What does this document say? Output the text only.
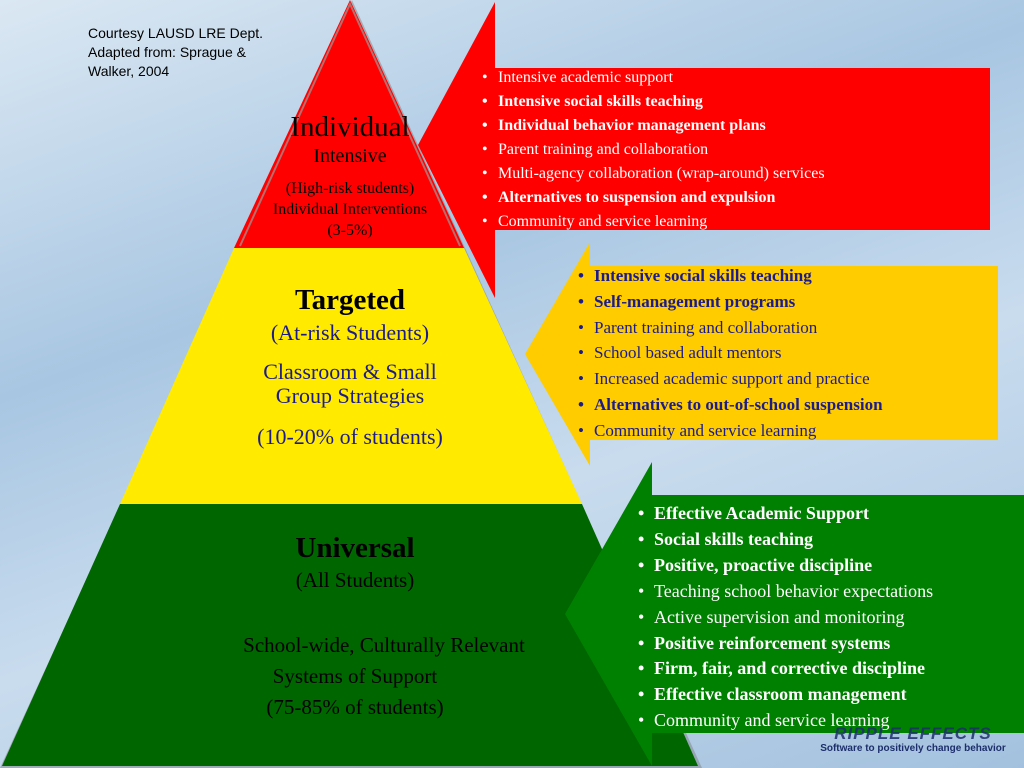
Courtesy LAUSD LRE Dept.
Adapted from: Sprague &
Walker, 2004
Individual
Intensive
(High-risk students)
Individual Interventions
(3-5%)
Targeted
(At-risk Students)
Classroom & Small
Group Strategies
(10-20% of students)
Universal
(All Students)
School-wide, Culturally Relevant
Systems of Support
(75-85% of students)
• Intensive academic support
• Intensive social skills teaching
• Individual behavior management plans
• Parent training and collaboration
• Multi-agency collaboration (wrap-around) services
• Alternatives to suspension and expulsion
• Community and service learning
• Intensive social skills teaching
• Self-management programs
• Parent training and collaboration
• School based adult mentors
• Increased academic support and practice
• Alternatives to out-of-school suspension
• Community and service learning
• Effective Academic Support
• Social skills teaching
• Positive, proactive discipline
• Teaching school behavior expectations
• Active supervision and monitoring
• Positive reinforcement systems
• Firm, fair, and corrective discipline
• Effective classroom management
• Community and service learning
RIPPLE EFFECTS
Software to positively change behavior
